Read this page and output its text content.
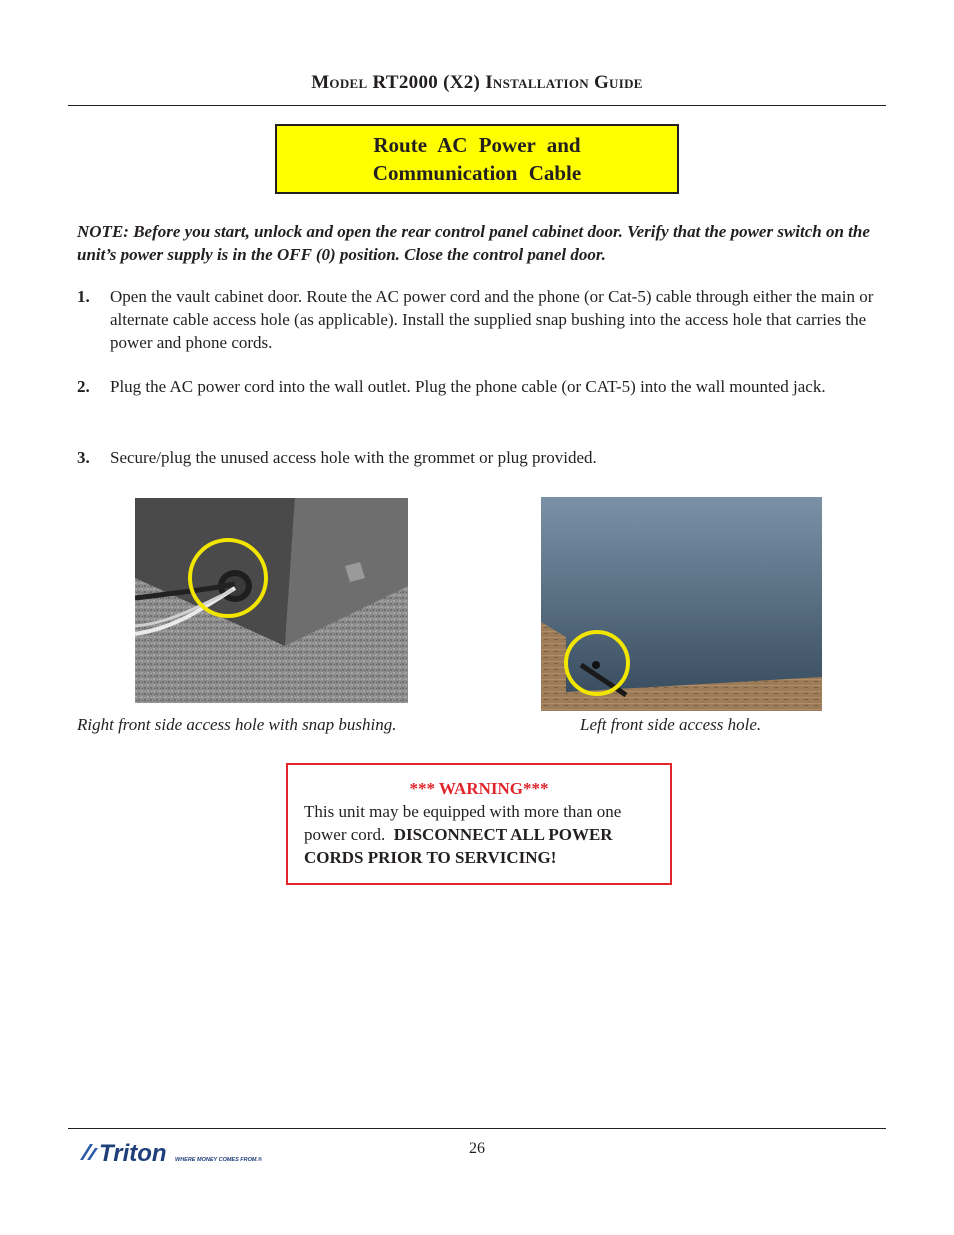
Model RT2000 (X2) Installation Guide
Route AC Power and
Communication Cable
NOTE: Before you start, unlock and open the rear control panel cabinet door. Verify that the power switch on the unit’s power supply is in the OFF (0) position. Close the control panel door.
1. Open the vault cabinet door. Route the AC power cord and the phone (or Cat-5) cable through either the main or alternate cable access hole (as applicable). Install the supplied snap bushing into the access hole that carries the power and phone cords.
2. Plug the AC power cord into the wall outlet. Plug the phone cable (or CAT-5) into the wall mounted jack.
3. Secure/plug the unused access hole with the grommet or plug provided.
Right front side access hole with snap bushing.	Left front side access hole.
*** WARNING***
This unit may be equipped with more than one power cord. DISCONNECT ALL POWER CORDS PRIOR TO SERVICING!
Triton WHERE MONEY COMES FROM.®
26
